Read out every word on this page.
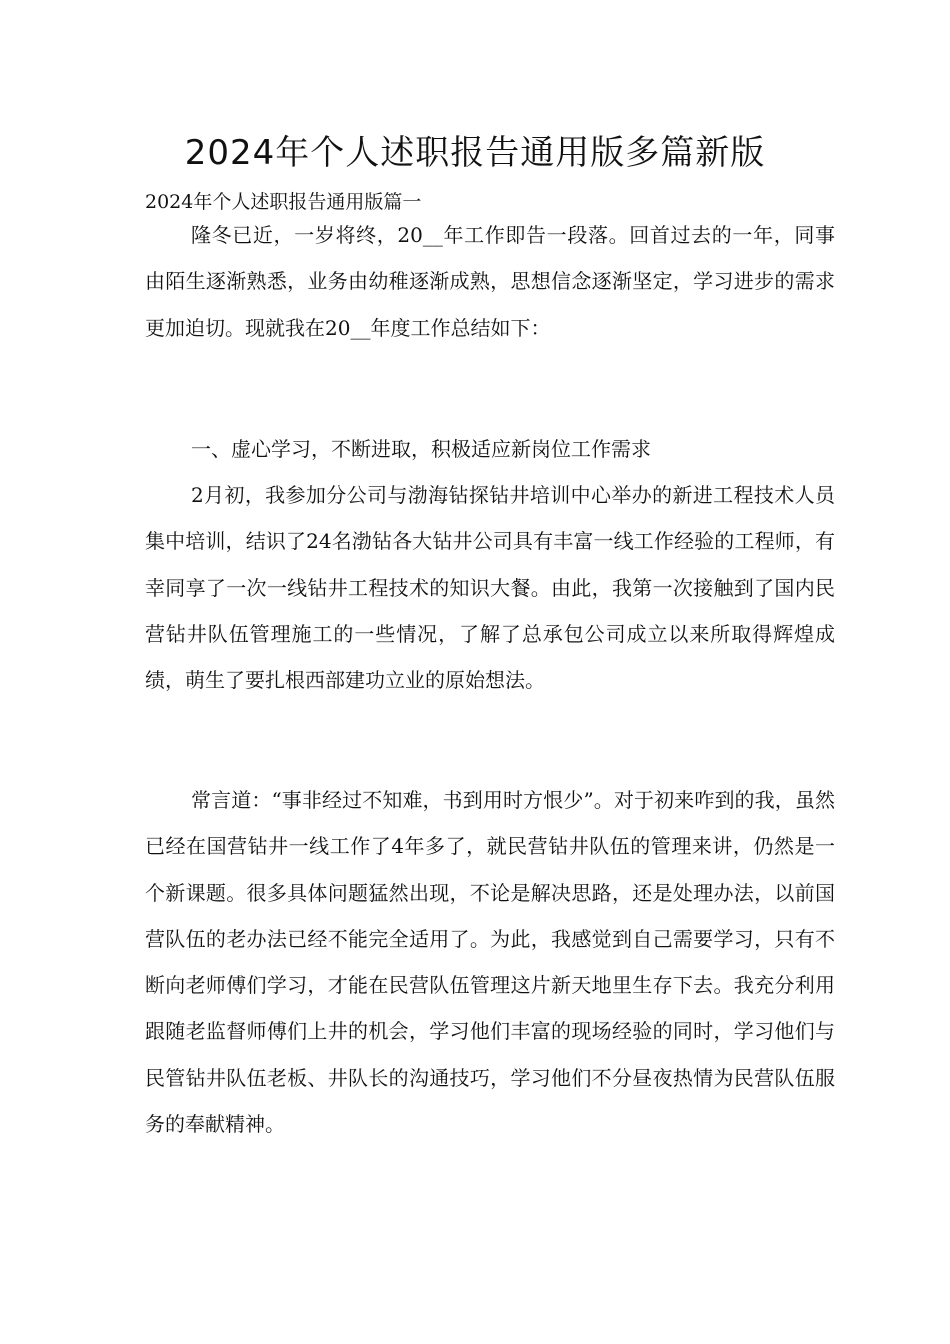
2024年个人述职报告通用版多篇新版

2024年个人述职报告通用版篇一

隆冬已近，一岁将终，20__年工作即告一段落。回首过去的一年，同事由陌生逐渐熟悉，业务由幼稚逐渐成熟，思想信念逐渐坚定，学习进步的需求更加迫切。现就我在20__年度工作总结如下：

一、虚心学习，不断进取，积极适应新岗位工作需求

2月初，我参加分公司与渤海钻探钻井培训中心举办的新进工程技术人员集中培训，结识了24名渤钻各大钻井公司具有丰富一线工作经验的工程师，有幸同享了一次一线钻井工程技术的知识大餐。由此，我第一次接触到了国内民营钻井队伍管理施工的一些情况，了解了总承包公司成立以来所取得辉煌成绩，萌生了要扎根西部建功立业的原始想法。

常言道：“事非经过不知难，书到用时方恨少”。对于初来咋到的我，虽然已经在国营钻井一线工作了4年多了，就民营钻井队伍的管理来讲，仍然是一个新课题。很多具体问题猛然出现，不论是解决思路，还是处理办法，以前国营队伍的老办法已经不能完全适用了。为此，我感觉到自己需要学习，只有不断向老师傅们学习，才能在民营队伍管理这片新天地里生存下去。我充分利用跟随老监督师傅们上井的机会，学习他们丰富的现场经验的同时，学习他们与民管钻井队伍老板、井队长的沟通技巧，学习他们不分昼夜热情为民营队伍服务的奉献精神。
